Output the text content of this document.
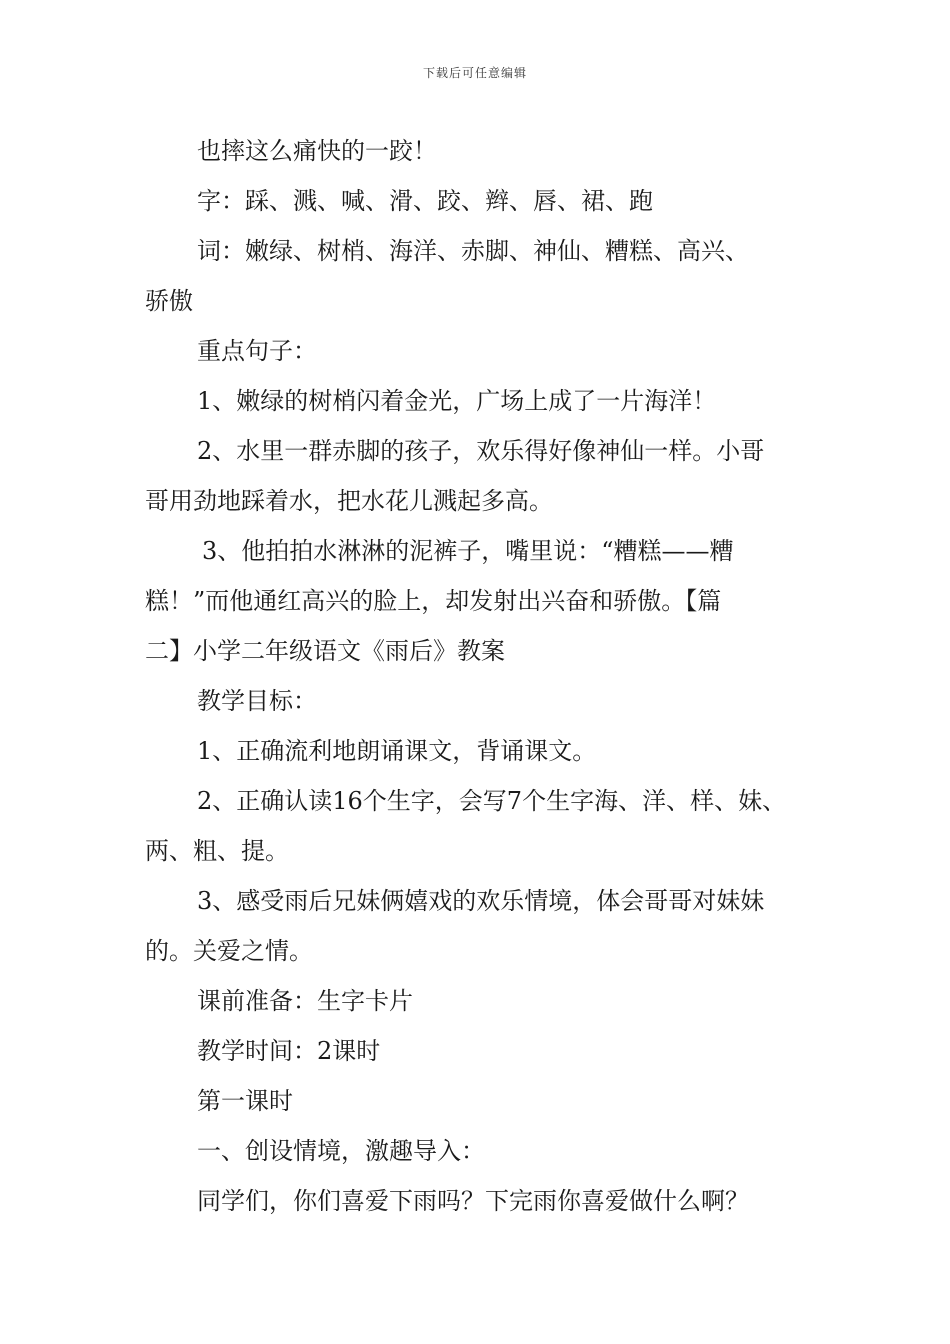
下载后可任意编辑

也摔这么痛快的一跤！

字：踩、溅、喊、滑、跤、辫、唇、裙、跑

词：嫩绿、树梢、海洋、赤脚、神仙、糟糕、高兴、

骄傲

重点句子：

1、嫩绿的树梢闪着金光，广场上成了一片海洋！

2、水里一群赤脚的孩子，欢乐得好像神仙一样。小哥

哥用劲地踩着水，把水花儿溅起多高。

3、他拍拍水淋淋的泥裤子，嘴里说：“糟糕——糟

糕！”而他通红高兴的脸上，却发射出兴奋和骄傲。【篇

二】小学二年级语文《雨后》教案

教学目标：

1、正确流利地朗诵课文，背诵课文。

2、正确认读16个生字，会写7个生字海、洋、样、妹、

两、粗、提。

3、感受雨后兄妹俩嬉戏的欢乐情境，体会哥哥对妹妹

的。关爱之情。

课前准备：生字卡片

教学时间：2课时

第一课时

一、创设情境，激趣导入：

同学们，你们喜爱下雨吗？下完雨你喜爱做什么啊？
